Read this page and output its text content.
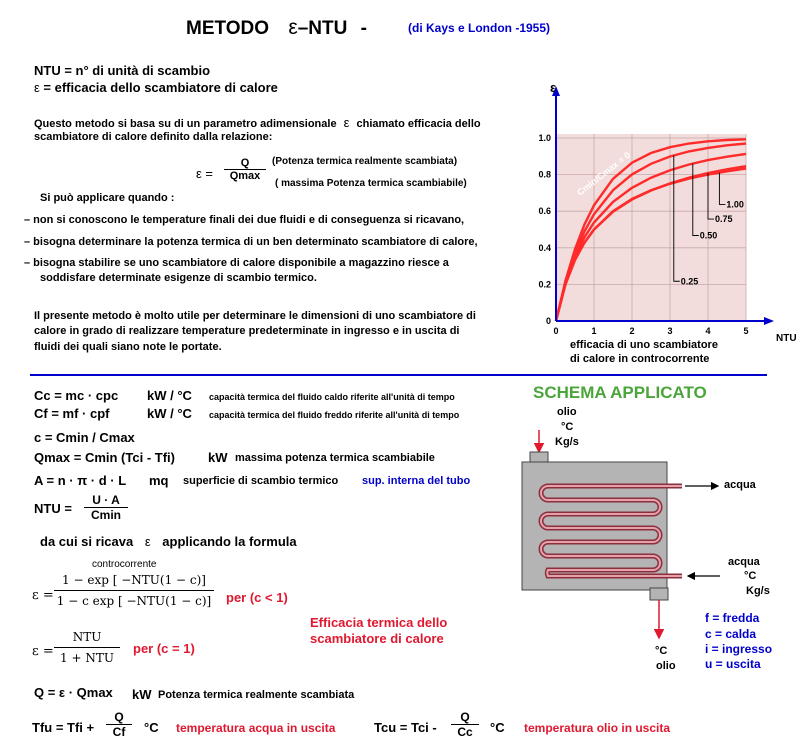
METODO ε–NTU -	(di Kays e London -1955)
NTU = n° di unità di scambio
ε = efficacia dello scambiatore di calore
Questo metodo si basa su di un parametro adimensionale ε chiamato efficacia dello
scambiatore di calore definito dalla relazione:
ε =
Q
Qmax
(Potenza termica realmente scambiata)
( massima Potenza termica scambiabile)
Si può applicare quando :
– non si conoscono le temperature finali dei due fluidi e di conseguenza si ricavano,
– bisogna determinare la potenza termica di un ben determinato scambiatore di calore,
– bisogna stabilire se uno scambiatore di calore disponibile a magazzino riesce a
soddisfare determinate esigenze di scambio termico.
Il presente metodo è molto utile per determinare le dimensioni di uno scambiatore di
calore in grado di realizzare temperature predeterminate in ingresso e in uscita di
fluidi dei quali siano note le portate.
0.25
0.50
0.75
1.00
0
0.2
0.4
0.6
0.8
1.0
0	1	2	3	4	5
ε
NTU
Cmin/Cmax = 0
efficacia di uno scambiatore
di calore in controcorrente
Cc = mc · cpc kW / °C capacità termica del fluido caldo riferite all'unità di tempo
Cf = mf · cpf	kW / °C capacità termica del fluido freddo riferite all'unità di tempo
c = Cmin / Cmax
Qmax = Cmin (Tci - Tfi)	kW massima potenza termica scambiabile
A = n · π · d · L mq superficie di scambio termico sup. interna del tubo
NTU =
U · A
Cmin
da cui si ricava ε applicando la formula
controcorrente
ε =
1 − exp [ −NTU(1 − c)]
1 − c exp [ −NTU(1 − c)] per (c < 1)
ε =
NTU
1 + NTU
per (c = 1)
Efficacia termica dello
scambiatore di calore
Q = ε · Qmax kW Potenza termica realmente scambiata
Tfu = Tfi + $\frac{Q}{Cf} ^\circ C$ temperatura acqua in uscita	Tcu = Tci - $\frac{Q}{Cc} ^\circ C$ temperatura olio in uscita
SCHEMA APPLICATO
olio
°C
Kg/s
acqua
acqua
°C
Kg/s
°C
olio
f = fredda
c = calda
i = ingresso
u = uscita
